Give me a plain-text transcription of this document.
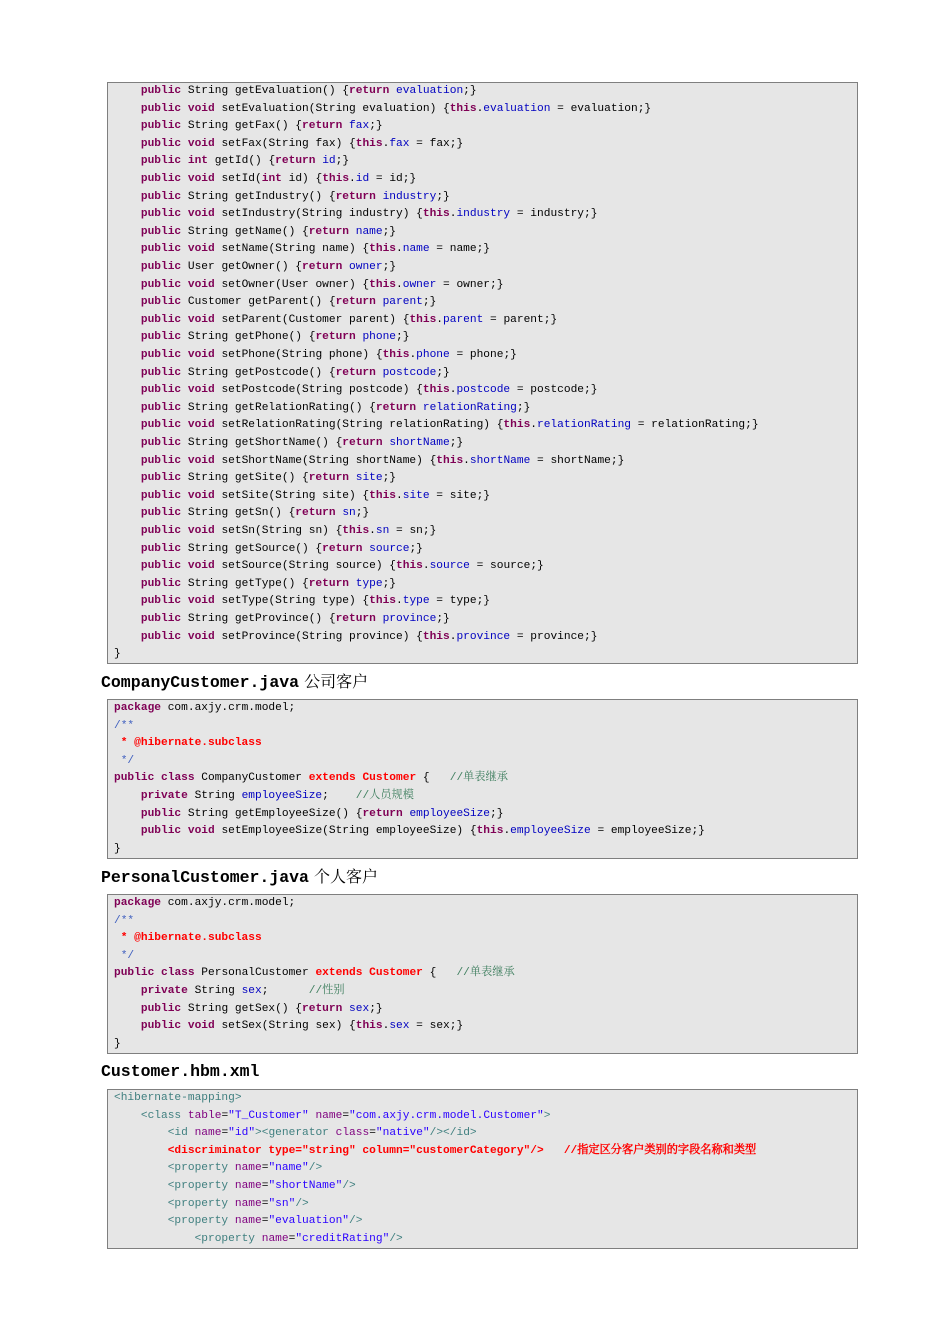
public String getEvaluation() {return evaluation;}
public void setEvaluation(String evaluation) {this.evaluation = evaluation;}
public String getFax() {return fax;}
public void setFax(String fax) {this.fax = fax;}
public int getId() {return id;}
public void setId(int id) {this.id = id;}
public String getIndustry() {return industry;}
public void setIndustry(String industry) {this.industry = industry;}
public String getName() {return name;}
public void setName(String name) {this.name = name;}
public User getOwner() {return owner;}
public void setOwner(User owner) {this.owner = owner;}
public Customer getParent() {return parent;}
public void setParent(Customer parent) {this.parent = parent;}
public String getPhone() {return phone;}
public void setPhone(String phone) {this.phone = phone;}
public String getPostcode() {return postcode;}
public void setPostcode(String postcode) {this.postcode = postcode;}
public String getRelationRating() {return relationRating;}
public void setRelationRating(String relationRating) {this.relationRating = relationRating;}
public String getShortName() {return shortName;}
public void setShortName(String shortName) {this.shortName = shortName;}
public String getSite() {return site;}
public void setSite(String site) {this.site = site;}
public String getSn() {return sn;}
public void setSn(String sn) {this.sn = sn;}
public String getSource() {return source;}
public void setSource(String source) {this.source = source;}
public String getType() {return type;}
public void setType(String type) {this.type = type;}
public String getProvince() {return province;}
public void setProvince(String province) {this.province = province;}
}
CompanyCustomer.java 公司客户
package com.axjy.crm.model;
/**
* @hibernate.subclass
*/
public class CompanyCustomer extends Customer {   //单表继承
private String employeeSize;    //人员规模
public String getEmployeeSize() {return employeeSize;}
public void setEmployeeSize(String employeeSize) {this.employeeSize = employeeSize;}
}
PersonalCustomer.java 个人客户
package com.axjy.crm.model;
/**
* @hibernate.subclass
*/
public class PersonalCustomer extends Customer {   //单表继承
private String sex;      //性别
public String getSex() {return sex;}
public void setSex(String sex) {this.sex = sex;}
}
Customer.hbm.xml
<hibernate-mapping>
<class table="T_Customer" name="com.axjy.crm.model.Customer">
<id name="id"><generator class="native"/></id>
<discriminator type="string" column="customerCategory"/>   //指定区分客户类别的字段名称和类型
<property name="name"/>
<property name="shortName"/>
<property name="sn"/>
<property name="evaluation"/>
<property name="creditRating"/>
